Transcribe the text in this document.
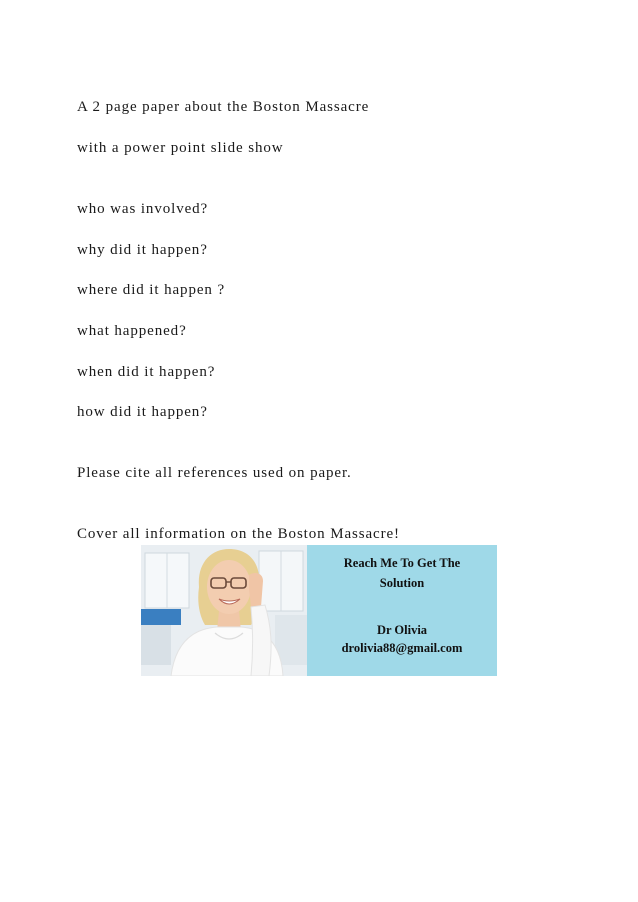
A 2 page paper about the Boston Massacre
with a power point slide show
who was involved?
why did it happen?
where did it happen ?
what happened?
when did it happen?
how did it happen?
Please cite all references used on paper.
Cover all information on the Boston Massacre!
Reach Me To Get The
Solution
Dr Olivia
drolivia88@gmail.com
